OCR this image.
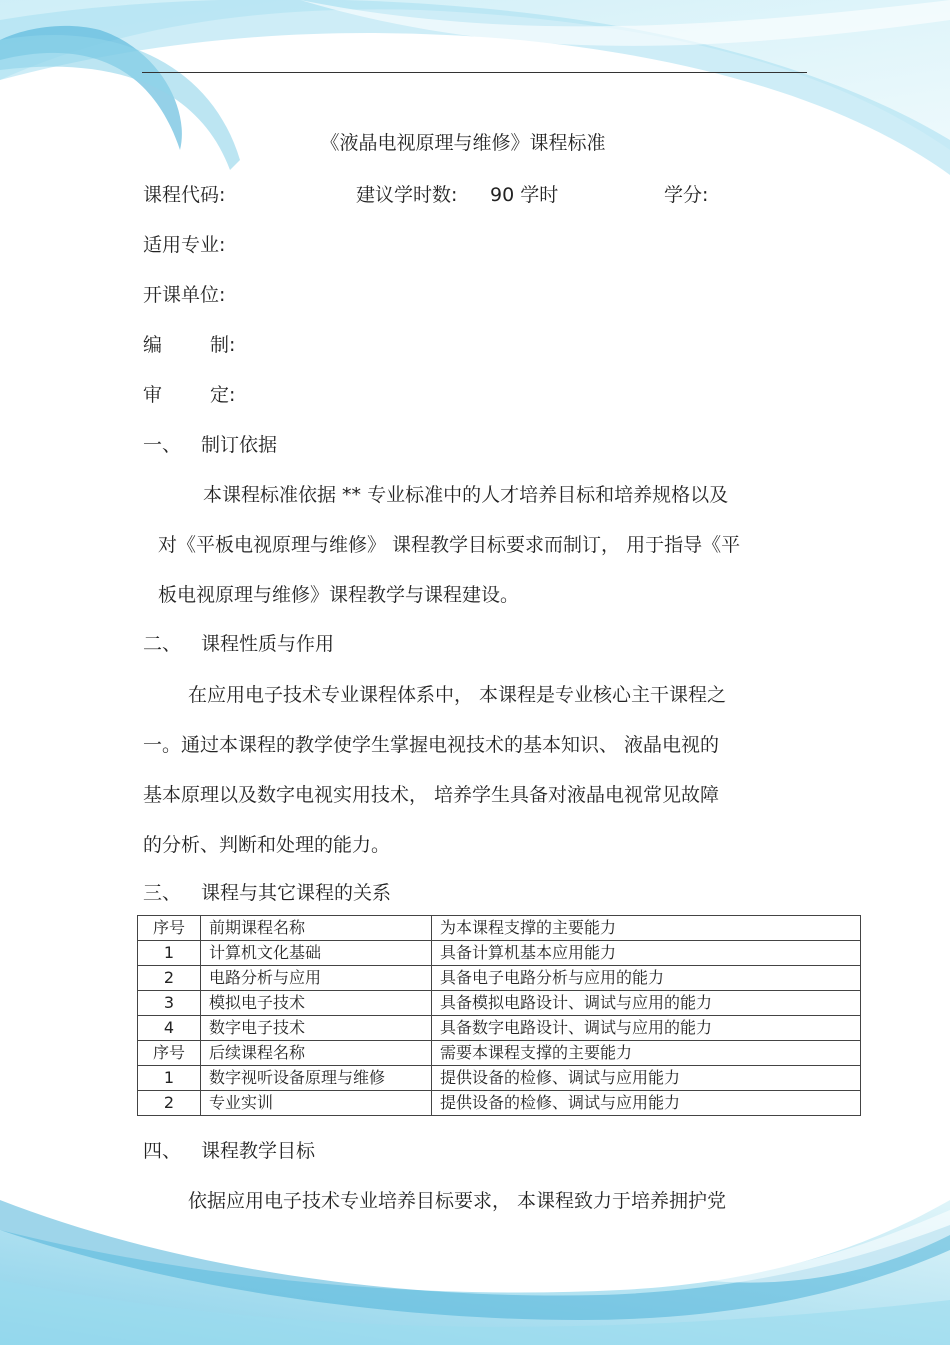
《液晶电视原理与维修》课程标准
课程代码:	建议学时数: 90 学时	学分:
适用专业:
开课单位:
编	制:
审	定:
一、 制订依据
本课程标准依据 ** 专业标准中的人才培养目标和培养规格以及
对《平板电视原理与维修》 课程教学目标要求而制订， 用于指导《平
板电视原理与维修》课程教学与课程建设。
二、 课程性质与作用
在应用电子技术专业课程体系中， 本课程是专业核心主干课程之
一。通过本课程的教学使学生掌握电视技术的基本知识、 液晶电视的
基本原理以及数字电视实用技术， 培养学生具备对液晶电视常见故障
的分析、判断和处理的能力。
三、 课程与其它课程的关系
序号	前期课程名称	为本课程支撑的主要能力
1	计算机文化基础	具备计算机基本应用能力
2	电路分析与应用	具备电子电路分析与应用的能力
3	模拟电子技术	具备模拟电路设计、调试与应用的能力
4	数字电子技术	具备数字电路设计、调试与应用的能力
序号	后续课程名称	需要本课程支撑的主要能力
1	数字视听设备原理与维修	提供设备的检修、调试与应用能力
2	专业实训	提供设备的检修、调试与应用能力
四、 课程教学目标
依据应用电子技术专业培养目标要求， 本课程致力于培养拥护党
